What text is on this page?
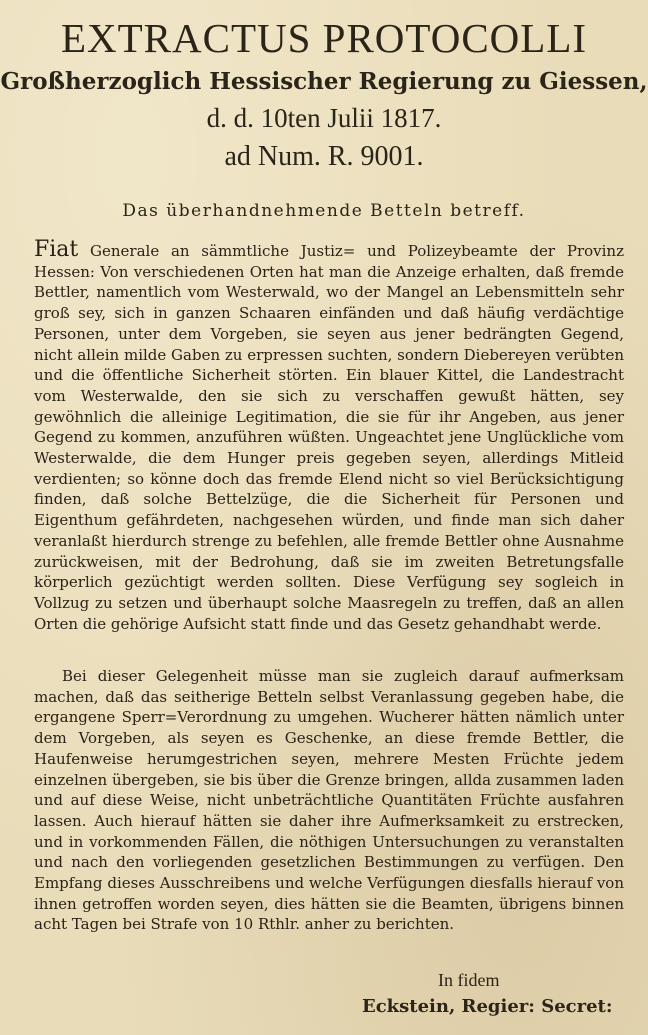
EXTRACTUS PROTOCOLLI
Großherzoglich Hessischer Regierung zu Giessen,
d. d. 10ten Julii 1817.
ad Num. R. 9001.
Das überhandnehmende Betteln betreff.
Fiat Generale an sämmtliche Justiz= und Polizeybeamte der Provinz Hessen: Von verschiedenen Orten hat man die Anzeige erhalten, daß fremde Bettler, namentlich vom Westerwald, wo der Mangel an Lebensmitteln sehr groß sey, sich in ganzen Schaaren einfänden und daß häufig verdächtige Personen, unter dem Vorgeben, sie seyen aus jener bedrängten Gegend, nicht allein milde Gaben zu erpressen suchten, sondern Diebereyen verübten und die öffentliche Sicherheit störten. Ein blauer Kittel, die Landestracht vom Westerwalde, den sie sich zu verschaffen gewußt hätten, sey gewöhnlich die alleinige Legitimation, die sie für ihr Angeben, aus jener Gegend zu kommen, anzuführen wüßten. Ungeachtet jene Unglückliche vom Westerwalde, die dem Hunger preis gegeben seyen, allerdings Mitleid verdienten; so könne doch das fremde Elend nicht so viel Berücksichtigung finden, daß solche Bettelzüge, die die Sicherheit für Personen und Eigenthum gefährdeten, nachgesehen würden, und finde man sich daher veranlaßt hierdurch strenge zu befehlen, alle fremde Bettler ohne Ausnahme zurückweisen, mit der Bedrohung, daß sie im zweiten Betretungsfalle körperlich gezüchtigt werden sollten. Diese Verfügung sey sogleich in Vollzug zu setzen und überhaupt solche Maasregeln zu treffen, daß an allen Orten die gehörige Aufsicht statt finde und das Gesetz gehandhabt werde.
Bei dieser Gelegenheit müsse man sie zugleich darauf aufmerksam machen, daß das seitherige Betteln selbst Veranlassung gegeben habe, die ergangene Sperr=Verordnung zu umgehen. Wucherer hätten nämlich unter dem Vorgeben, als seyen es Geschenke, an diese fremde Bettler, die Haufenweise herumgestrichen seyen, mehrere Mesten Früchte jedem einzelnen übergeben, sie bis über die Grenze bringen, allda zusammen laden und auf diese Weise, nicht unbeträchtliche Quantitäten Früchte ausfahren lassen. Auch hierauf hätten sie daher ihre Aufmerksamkeit zu erstrecken, und in vorkommenden Fällen, die nöthigen Untersuchungen zu veranstalten und nach den vorliegenden gesetzlichen Bestimmungen zu verfügen. Den Empfang dieses Ausschreibens und welche Verfügungen diesfalls hierauf von ihnen getroffen worden seyen, dies hätten sie die Beamten, übrigens binnen acht Tagen bei Strafe von 10 Rthlr. anher zu berichten.
In fidem
Eckstein, Regier: Secret:
